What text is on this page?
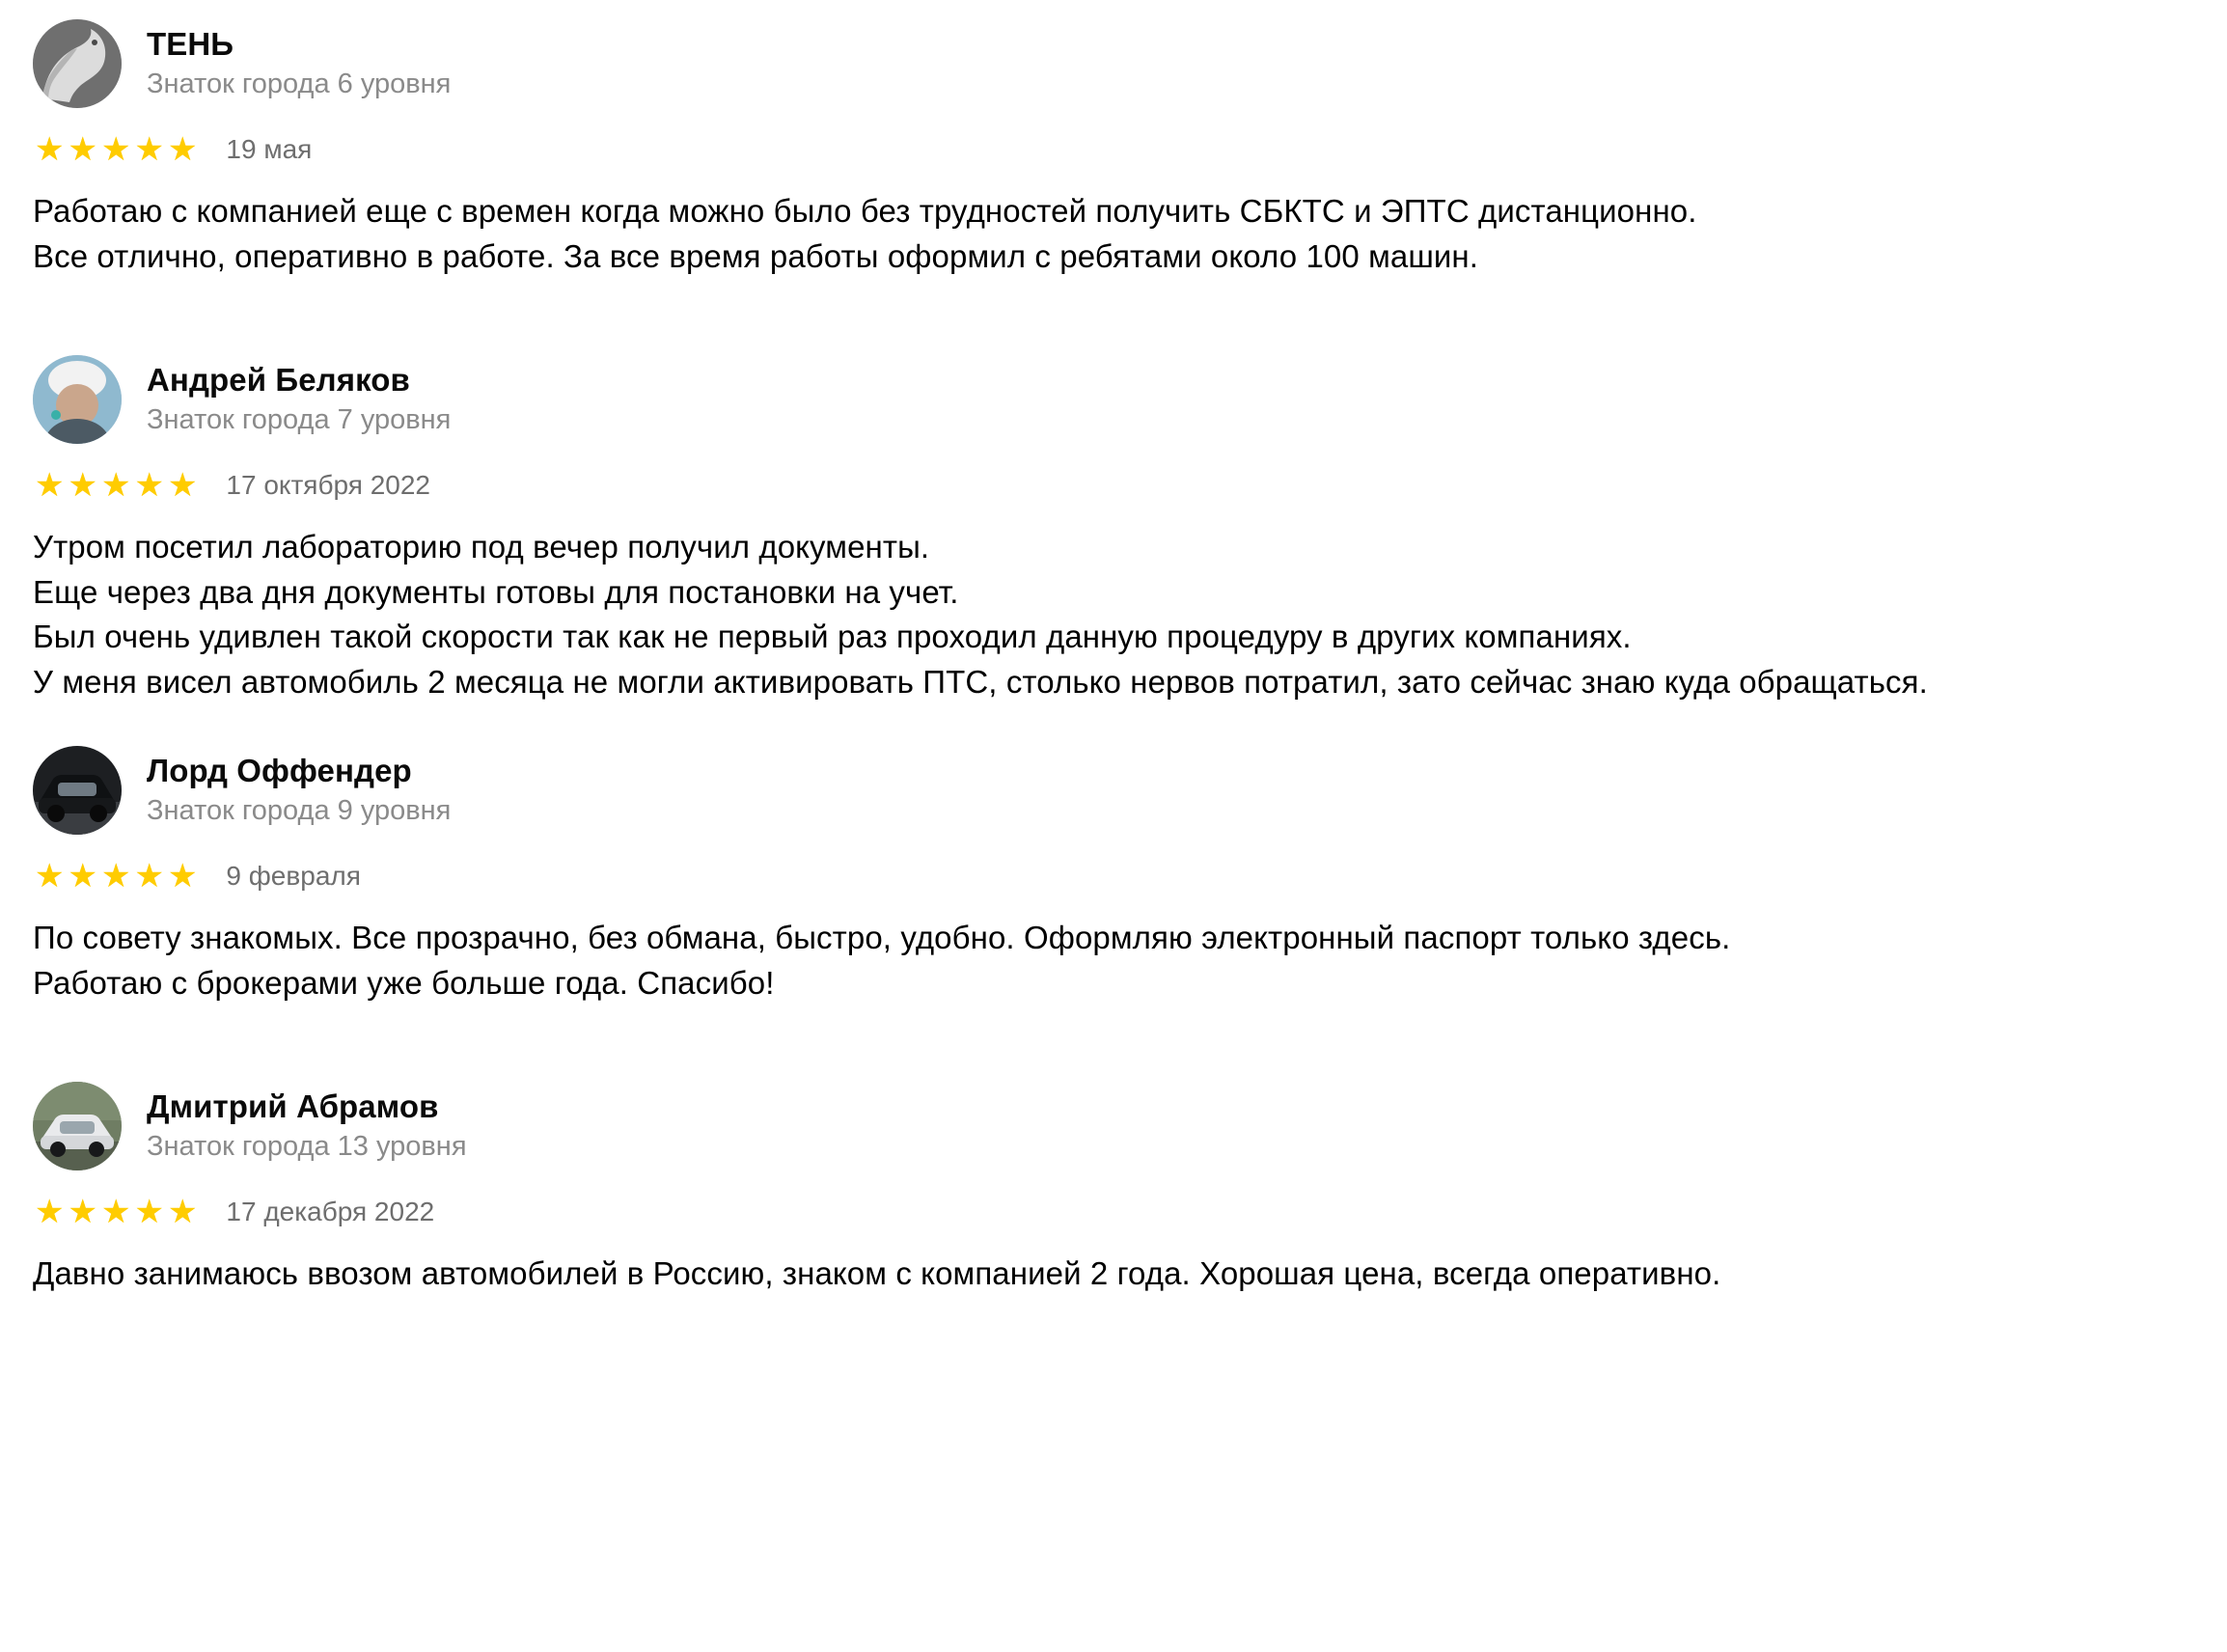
ТЕНЬ
Знаток города 6 уровня
★ ★ ★ ★ ★ 19 мая

Работаю с компанией еще с времен когда можно было без трудностей получить СБКТС и ЭПТС дистанционно.

Все отлично, оперативно в работе. За все время работы оформил с ребятами около 100 машин.

Андрей Беляков
Знаток города 7 уровня
★ ★ ★ ★ ★ 17 октября 2022

Утром посетил лабораторию под вечер получил документы.

Еще через два дня документы готовы для постановки на учет.

Был очень удивлен такой скорости так как не первый раз проходил данную процедуру в других компаниях.

У меня висел автомобиль 2 месяца не могли активировать ПТС, столько нервов потратил, зато сейчас знаю куда обращаться.

Лорд Оффендер
Знаток города 9 уровня
★ ★ ★ ★ ★ 9 февраля

По совету знакомых. Все прозрачно, без обмана, быстро, удобно. Оформляю электронный паспорт только здесь.

Работаю с брокерами уже больше года. Спасибо!

Дмитрий Абрамов
Знаток города 13 уровня
★ ★ ★ ★ ★ 17 декабря 2022

Давно занимаюсь ввозом автомобилей в Россию, знаком с компанией 2 года. Хорошая цена, всегда оперативно.
